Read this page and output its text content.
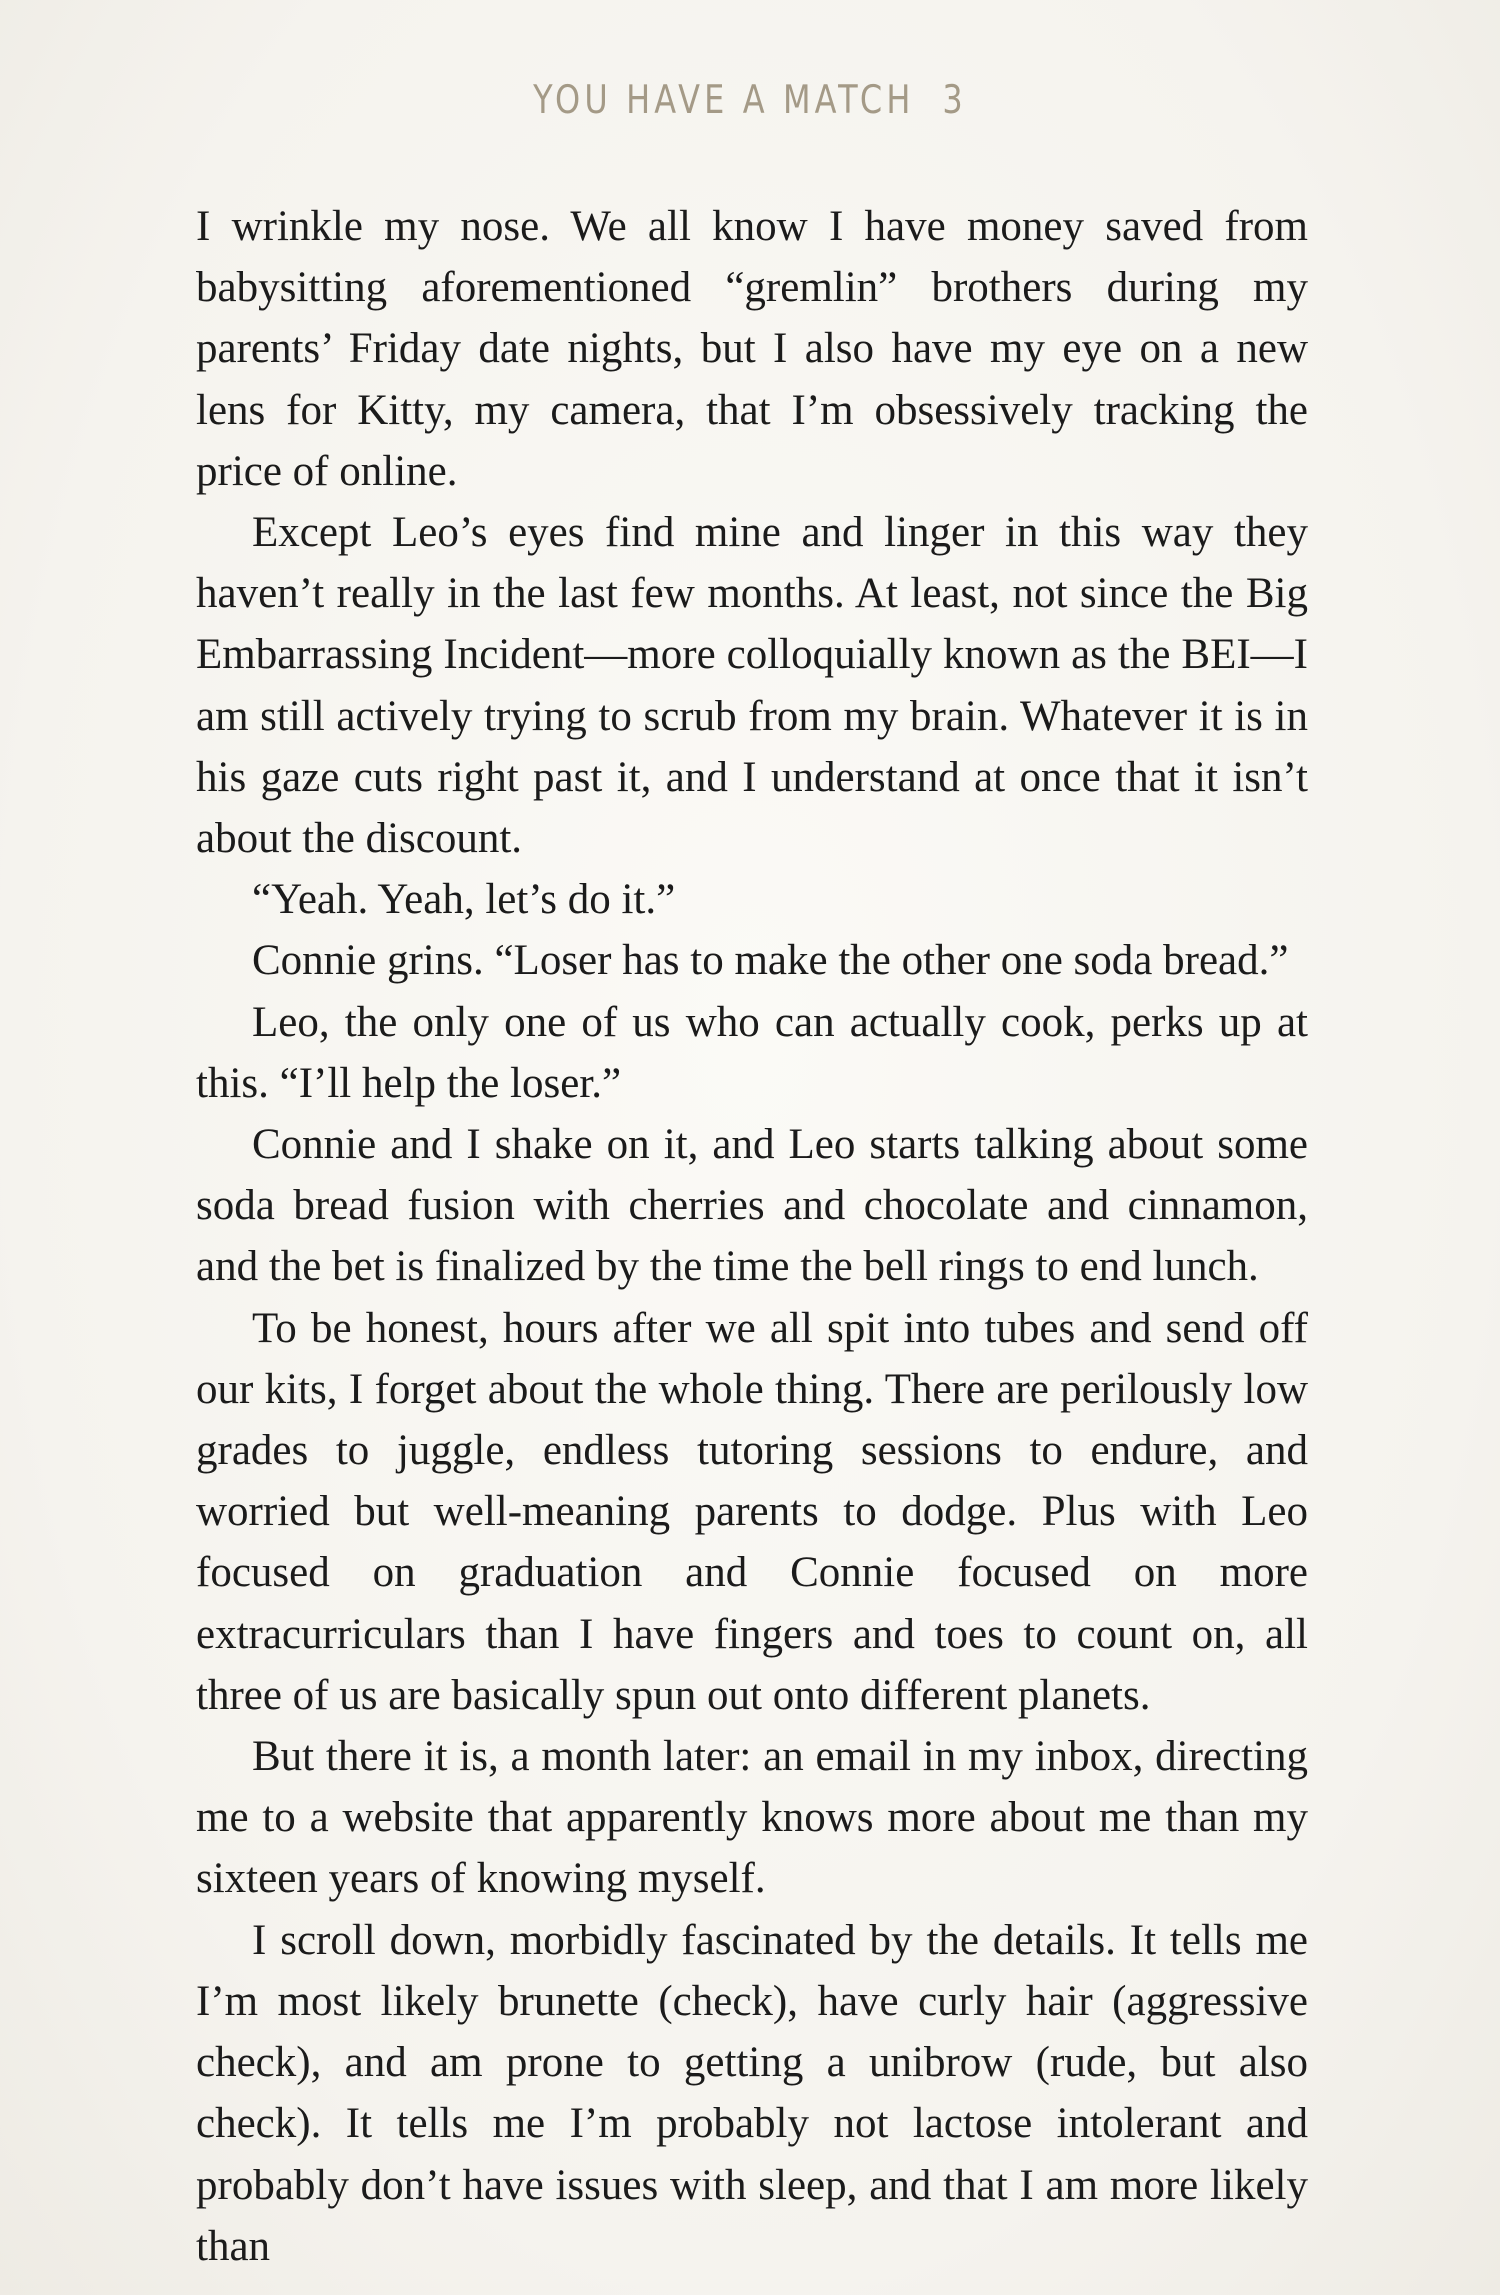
YOU HAVE A MATCH 3

I wrinkle my nose. We all know I have money saved from babysitting aforementioned “gremlin” brothers during my parents’ Friday date nights, but I also have my eye on a new lens for Kitty, my camera, that I’m obsessively tracking the price of online.

Except Leo’s eyes find mine and linger in this way they haven’t really in the last few months. At least, not since the Big Embarrassing Incident—more colloquially known as the BEI—I am still actively trying to scrub from my brain. Whatever it is in his gaze cuts right past it, and I understand at once that it isn’t about the discount.

“Yeah. Yeah, let’s do it.”

Connie grins. “Loser has to make the other one soda bread.”

Leo, the only one of us who can actually cook, perks up at this. “I’ll help the loser.”

Connie and I shake on it, and Leo starts talking about some soda bread fusion with cherries and chocolate and cinnamon, and the bet is finalized by the time the bell rings to end lunch.

To be honest, hours after we all spit into tubes and send off our kits, I forget about the whole thing. There are perilously low grades to juggle, endless tutoring sessions to endure, and worried but well-meaning parents to dodge. Plus with Leo focused on graduation and Connie focused on more extracurriculars than I have fingers and toes to count on, all three of us are basically spun out onto different planets.

But there it is, a month later: an email in my inbox, directing me to a website that apparently knows more about me than my sixteen years of knowing myself.

I scroll down, morbidly fascinated by the details. It tells me I’m most likely brunette (check), have curly hair (aggressive check), and am prone to getting a unibrow (rude, but also check). It tells me I’m probably not lactose intolerant and probably don’t have issues with sleep, and that I am more likely than
